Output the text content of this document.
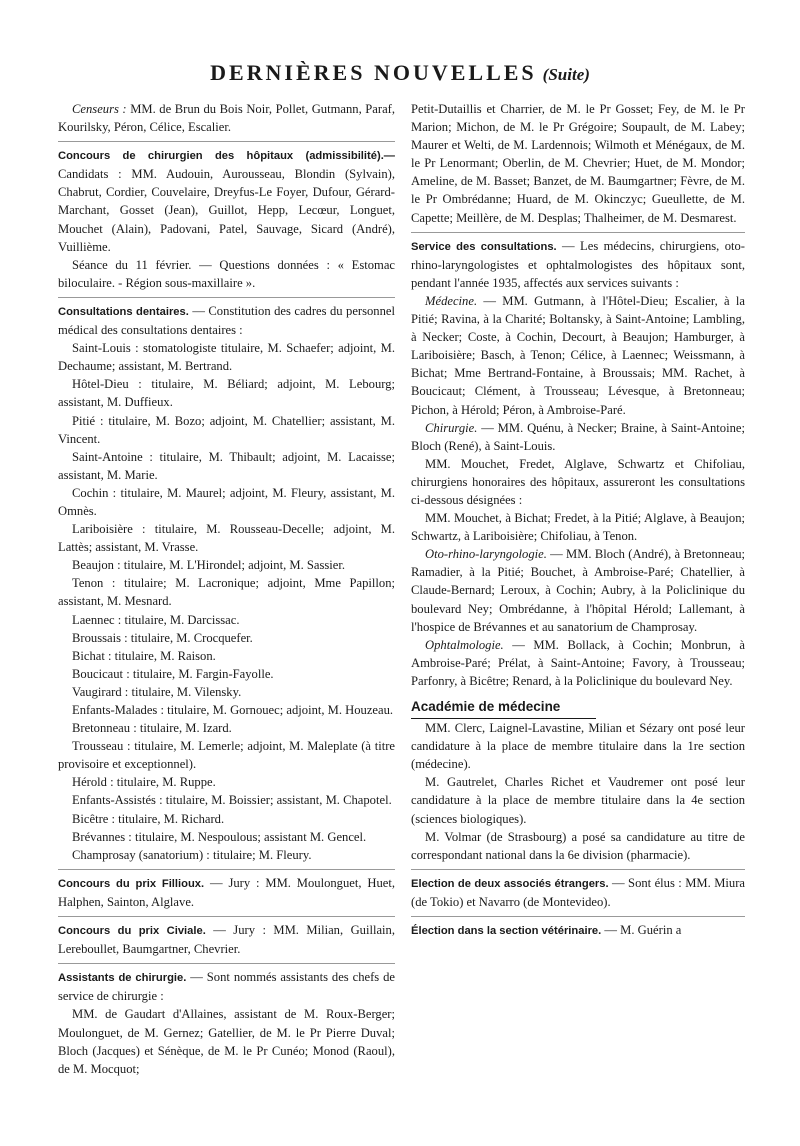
DERNIÈRES NOUVELLES (Suite)

Censeurs : MM. de Brun du Bois Noir, Pollet, Gutmann, Paraf, Kourilsky, Péron, Célice, Escalier.

Concours de chirurgien des hôpitaux (admissibilité).— Candidats : MM. Audouin, Aurousseau, Blondin (Sylvain), Chabrut, Cordier, Couvelaire, Dreyfus-Le Foyer, Dufour, Gérard-Marchant, Gosset (Jean), Guillot, Hepp, Lecœur, Longuet, Mouchet (Alain), Padovani, Patel, Sauvage, Sicard (André), Vuillième.

Séance du 11 février. — Questions données : « Estomac biloculaire. - Région sous-maxillaire ».

Consultations dentaires. — Constitution des cadres du personnel médical des consultations dentaires :

Saint-Louis : stomatologiste titulaire, M. Schaefer; adjoint, M. Dechaume; assistant, M. Bertrand.

Hôtel-Dieu : titulaire, M. Béliard; adjoint, M. Lebourg; assistant, M. Duffieux.

Pitié : titulaire, M. Bozo; adjoint, M. Chatellier; assistant, M. Vincent.

Saint-Antoine : titulaire, M. Thibault; adjoint, M. Lacaisse; assistant, M. Marie.

Cochin : titulaire, M. Maurel; adjoint, M. Fleury, assistant, M. Omnès.

Lariboisière : titulaire, M. Rousseau-Decelle; adjoint, M. Lattès; assistant, M. Vrasse.

Beaujon : titulaire, M. L'Hirondel; adjoint, M. Sassier.

Tenon : titulaire; M. Lacronique; adjoint, Mme Papillon; assistant, M. Mesnard.

Laennec : titulaire, M. Darcissac.

Broussais : titulaire, M. Crocquefer.

Bichat : titulaire, M. Raison.

Boucicaut : titulaire, M. Fargin-Fayolle.

Vaugirard : titulaire, M. Vilensky.

Enfants-Malades : titulaire, M. Gornouec; adjoint, M. Houzeau.

Bretonneau : titulaire, M. Izard.

Trousseau : titulaire, M. Lemerle; adjoint, M. Maleplate (à titre provisoire et exceptionnel).

Hérold : titulaire, M. Ruppe.

Enfants-Assistés : titulaire, M. Boissier; assistant, M. Chapotel.

Bicêtre : titulaire, M. Richard.

Brévannes : titulaire, M. Nespoulous; assistant M. Gencel.

Champrosay (sanatorium) : titulaire; M. Fleury.

Concours du prix Fillioux. — Jury : MM. Moulonguet, Huet, Halphen, Sainton, Alglave.

Concours du prix Civiale. — Jury : MM. Milian, Guillain, Lereboullet, Baumgartner, Chevrier.

Assistants de chirurgie. — Sont nommés assistants des chefs de service de chirurgie :

MM. de Gaudart d'Allaines, assistant de M. Roux-Berger; Moulonguet, de M. Gernez; Gatellier, de M. le Pr Pierre Duval; Bloch (Jacques) et Sénèque, de M. le Pr Cunéo; Monod (Raoul), de M. Mocquot;

Petit-Dutaillis et Charrier, de M. le Pr Gosset; Fey, de M. le Pr Marion; Michon, de M. le Pr Grégoire; Soupault, de M. Labey; Maurer et Welti, de M. Lardennois; Wilmoth et Ménégaux, de M. le Pr Lenormant; Oberlin, de M. Chevrier; Huet, de M. Mondor; Ameline, de M. Basset; Banzet, de M. Baumgartner; Fèvre, de M. le Pr Ombrédanne; Huard, de M. Okinczyc; Gueullette, de M. Capette; Meillère, de M. Desplas; Thalheimer, de M. Desmarest.

Service des consultations. — Les médecins, chirurgiens, oto-rhino-laryngologistes et ophtalmologistes des hôpitaux sont, pendant l'année 1935, affectés aux services suivants :

Médecine. — MM. Gutmann, à l'Hôtel-Dieu; Escalier, à la Pitié; Ravina, à la Charité; Boltansky, à Saint-Antoine; Lambling, à Necker; Coste, à Cochin, Decourt, à Beaujon; Hamburger, à Lariboisière; Basch, à Tenon; Célice, à Laennec; Weissmann, à Bichat; Mme Bertrand-Fontaine, à Broussais; MM. Rachet, à Boucicaut; Clément, à Trousseau; Lévesque, à Bretonneau; Pichon, à Hérold; Péron, à Ambroise-Paré.

Chirurgie. — MM. Quénu, à Necker; Braine, à Saint-Antoine; Bloch (René), à Saint-Louis.

MM. Mouchet, Fredet, Alglave, Schwartz et Chifoliau, chirurgiens honoraires des hôpitaux, assureront les consultations ci-dessous désignées :

MM. Mouchet, à Bichat; Fredet, à la Pitié; Alglave, à Beaujon; Schwartz, à Lariboisière; Chifoliau, à Tenon.

Oto-rhino-laryngologie. — MM. Bloch (André), à Bretonneau; Ramadier, à la Pitié; Bouchet, à Ambroise-Paré; Chatellier, à Claude-Bernard; Leroux, à Cochin; Aubry, à la Policlinique du boulevard Ney; Ombrédanne, à l'hôpital Hérold; Lallemant, à l'hospice de Brévannes et au sanatorium de Champrosay.

Ophtalmologie. — MM. Bollack, à Cochin; Monbrun, à Ambroise-Paré; Prélat, à Saint-Antoine; Favory, à Trousseau; Parfonry, à Bicêtre; Renard, à la Policlinique du boulevard Ney.

Académie de médecine

MM. Clerc, Laignel-Lavastine, Milian et Sézary ont posé leur candidature à la place de membre titulaire dans la 1re section (médecine).

M. Gautrelet, Charles Richet et Vaudremer ont posé leur candidature à la place de membre titulaire dans la 4e section (sciences biologiques).

M. Volmar (de Strasbourg) a posé sa candidature au titre de correspondant national dans la 6e division (pharmacie).

Election de deux associés étrangers. — Sont élus : MM. Miura (de Tokio) et Navarro (de Montevideo).

Élection dans la section vétérinaire. — M. Guérin a
